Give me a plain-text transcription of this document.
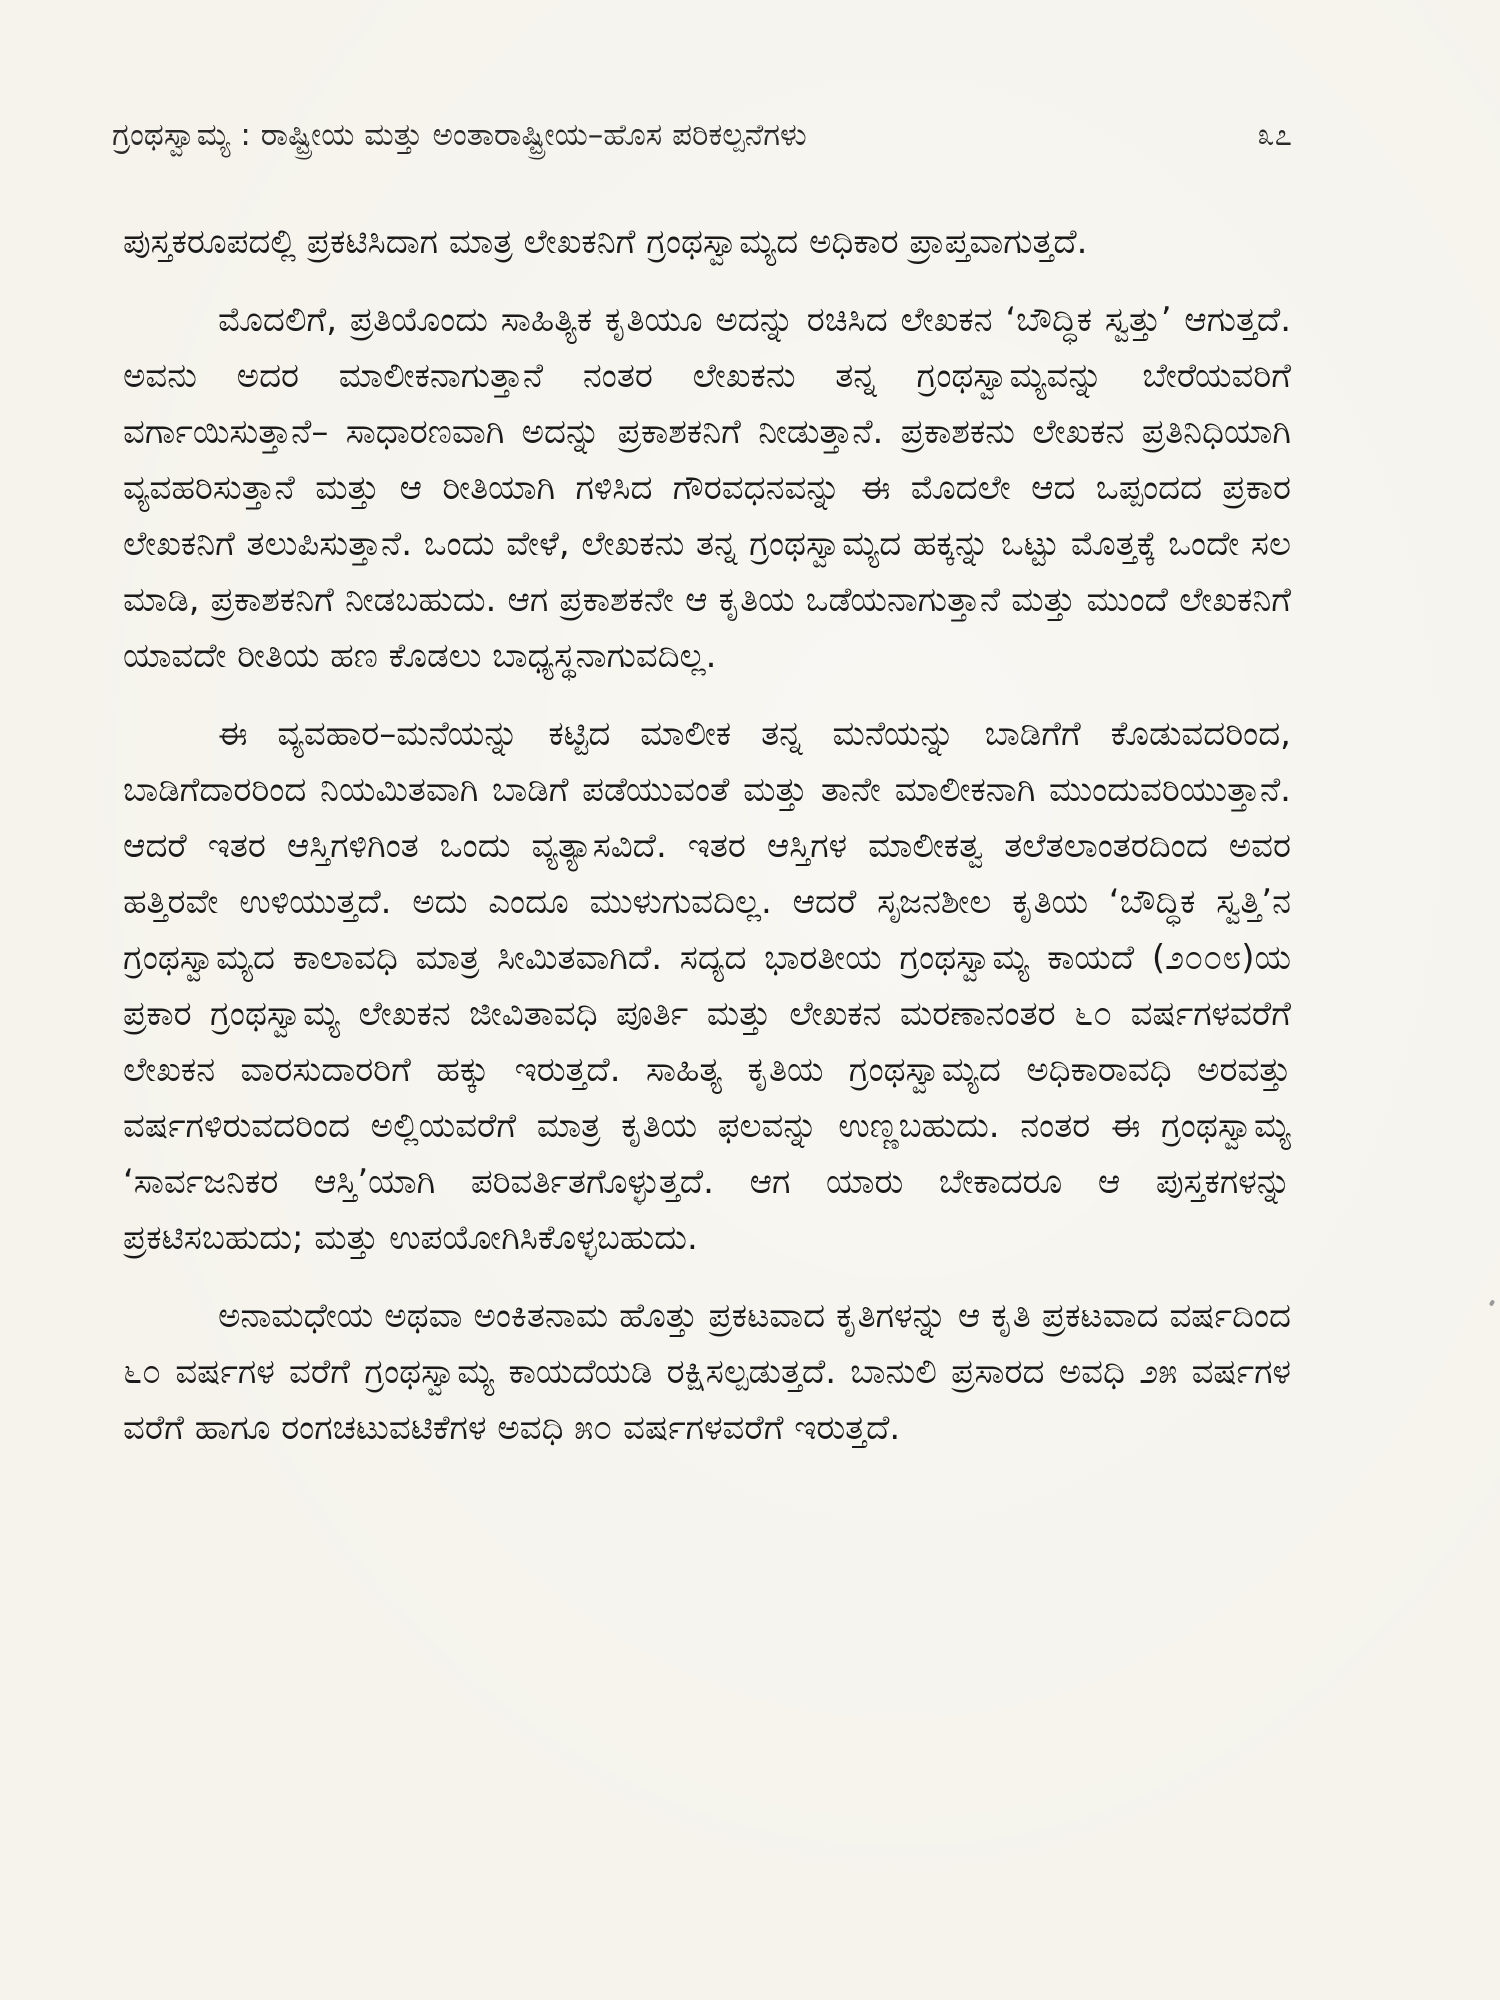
ಗ್ರಂಥಸ್ವಾಮ್ಯ : ರಾಷ್ಟ್ರೀಯ ಮತ್ತು ಅಂತಾರಾಷ್ಟ್ರೀಯ–ಹೊಸ ಪರಿಕಲ್ಪನೆಗಳು	೩೭

ಪುಸ್ತಕರೂಪದಲ್ಲಿ ಪ್ರಕಟಿಸಿದಾಗ ಮಾತ್ರ ಲೇಖಕನಿಗೆ ಗ್ರಂಥಸ್ವಾಮ್ಯದ ಅಧಿಕಾರ ಪ್ರಾಪ್ತವಾಗುತ್ತದೆ.

ಮೊದಲಿಗೆ, ಪ್ರತಿಯೊಂದು ಸಾಹಿತ್ಯಿಕ ಕೃತಿಯೂ ಅದನ್ನು ರಚಿಸಿದ ಲೇಖಕನ ‘ಬೌದ್ಧಿಕ ಸ್ವತ್ತು’ ಆಗುತ್ತದೆ. ಅವನು ಅದರ ಮಾಲೀಕನಾಗುತ್ತಾನೆ ನಂತರ ಲೇಖಕನು ತನ್ನ ಗ್ರಂಥಸ್ವಾಮ್ಯವನ್ನು ಬೇರೆಯವರಿಗೆ ವರ್ಗಾಯಿಸುತ್ತಾನೆ– ಸಾಧಾರಣವಾಗಿ ಅದನ್ನು ಪ್ರಕಾಶಕನಿಗೆ ನೀಡುತ್ತಾನೆ. ಪ್ರಕಾಶಕನು ಲೇಖಕನ ಪ್ರತಿನಿಧಿಯಾಗಿ ವ್ಯವಹರಿಸುತ್ತಾನೆ ಮತ್ತು ಆ ರೀತಿಯಾಗಿ ಗಳಿಸಿದ ಗೌರವಧನವನ್ನು ಈ ಮೊದಲೇ ಆದ ಒಪ್ಪಂದದ ಪ್ರಕಾರ ಲೇಖಕನಿಗೆ ತಲುಪಿಸುತ್ತಾನೆ. ಒಂದು ವೇಳೆ, ಲೇಖಕನು ತನ್ನ ಗ್ರಂಥಸ್ವಾಮ್ಯದ ಹಕ್ಕನ್ನು ಒಟ್ಟು ಮೊತ್ತಕ್ಕೆ ಒಂದೇ ಸಲ ಮಾಡಿ, ಪ್ರಕಾಶಕನಿಗೆ ನೀಡಬಹುದು. ಆಗ ಪ್ರಕಾಶಕನೇ ಆ ಕೃತಿಯ ಒಡೆಯನಾಗುತ್ತಾನೆ ಮತ್ತು ಮುಂದೆ ಲೇಖಕನಿಗೆ ಯಾವದೇ ರೀತಿಯ ಹಣ ಕೊಡಲು ಬಾಧ್ಯಸ್ಥನಾಗುವದಿಲ್ಲ.

ಈ ವ್ಯವಹಾರ–ಮನೆಯನ್ನು ಕಟ್ಟಿದ ಮಾಲೀಕ ತನ್ನ ಮನೆಯನ್ನು ಬಾಡಿಗೆಗೆ ಕೊಡುವದರಿಂದ, ಬಾಡಿಗೆದಾರರಿಂದ ನಿಯಮಿತವಾಗಿ ಬಾಡಿಗೆ ಪಡೆಯುವಂತೆ ಮತ್ತು ತಾನೇ ಮಾಲೀಕನಾಗಿ ಮುಂದುವರಿಯುತ್ತಾನೆ. ಆದರೆ ಇತರ ಆಸ್ತಿಗಳಿಗಿಂತ ಒಂದು ವ್ಯತ್ಯಾಸವಿದೆ. ಇತರ ಆಸ್ತಿಗಳ ಮಾಲೀಕತ್ವ ತಲೆತಲಾಂತರದಿಂದ ಅವರ ಹತ್ತಿರವೇ ಉಳಿಯುತ್ತದೆ. ಅದು ಎಂದೂ ಮುಳುಗುವದಿಲ್ಲ. ಆದರೆ ಸೃಜನಶೀಲ ಕೃತಿಯ ‘ಬೌದ್ಧಿಕ ಸ್ವತ್ತಿ’ನ ಗ್ರಂಥಸ್ವಾಮ್ಯದ ಕಾಲಾವಧಿ ಮಾತ್ರ ಸೀಮಿತವಾಗಿದೆ. ಸದ್ಯದ ಭಾರತೀಯ ಗ್ರಂಥಸ್ವಾಮ್ಯ ಕಾಯದೆ (೨೦೦೮)ಯ ಪ್ರಕಾರ ಗ್ರಂಥಸ್ವಾಮ್ಯ ಲೇಖಕನ ಜೀವಿತಾವಧಿ ಪೂರ್ತಿ ಮತ್ತು ಲೇಖಕನ ಮರಣಾನಂತರ ೬೦ ವರ್ಷಗಳವರೆಗೆ ಲೇಖಕನ ವಾರಸುದಾರರಿಗೆ ಹಕ್ಕು ಇರುತ್ತದೆ. ಸಾಹಿತ್ಯ ಕೃತಿಯ ಗ್ರಂಥಸ್ವಾಮ್ಯದ ಅಧಿಕಾರಾವಧಿ ಅರವತ್ತು ವರ್ಷಗಳಿರುವದರಿಂದ ಅಲ್ಲಿಯವರೆಗೆ ಮಾತ್ರ ಕೃತಿಯ ಫಲವನ್ನು ಉಣ್ಣಬಹುದು. ನಂತರ ಈ ಗ್ರಂಥಸ್ವಾಮ್ಯ ‘ಸಾರ್ವಜನಿಕರ ಆಸ್ತಿ’ಯಾಗಿ ಪರಿವರ್ತಿತಗೊಳ್ಳುತ್ತದೆ. ಆಗ ಯಾರು ಬೇಕಾದರೂ ಆ ಪುಸ್ತಕಗಳನ್ನು ಪ್ರಕಟಿಸಬಹುದು; ಮತ್ತು ಉಪಯೋಗಿಸಿಕೊಳ್ಳಬಹುದು.

ಅನಾಮಧೇಯ ಅಥವಾ ಅಂಕಿತನಾಮ ಹೊತ್ತು ಪ್ರಕಟವಾದ ಕೃತಿಗಳನ್ನು ಆ ಕೃತಿ ಪ್ರಕಟವಾದ ವರ್ಷದಿಂದ ೬೦ ವರ್ಷಗಳ ವರೆಗೆ ಗ್ರಂಥಸ್ವಾಮ್ಯ ಕಾಯದೆಯಡಿ ರಕ್ಷಿಸಲ್ಪಡುತ್ತದೆ. ಬಾನುಲಿ ಪ್ರಸಾರದ ಅವಧಿ ೨೫ ವರ್ಷಗಳ ವರೆಗೆ ಹಾಗೂ ರಂಗಚಟುವಟಿಕೆಗಳ ಅವಧಿ ೫೦ ವರ್ಷಗಳವರೆಗೆ ಇರುತ್ತದೆ.
